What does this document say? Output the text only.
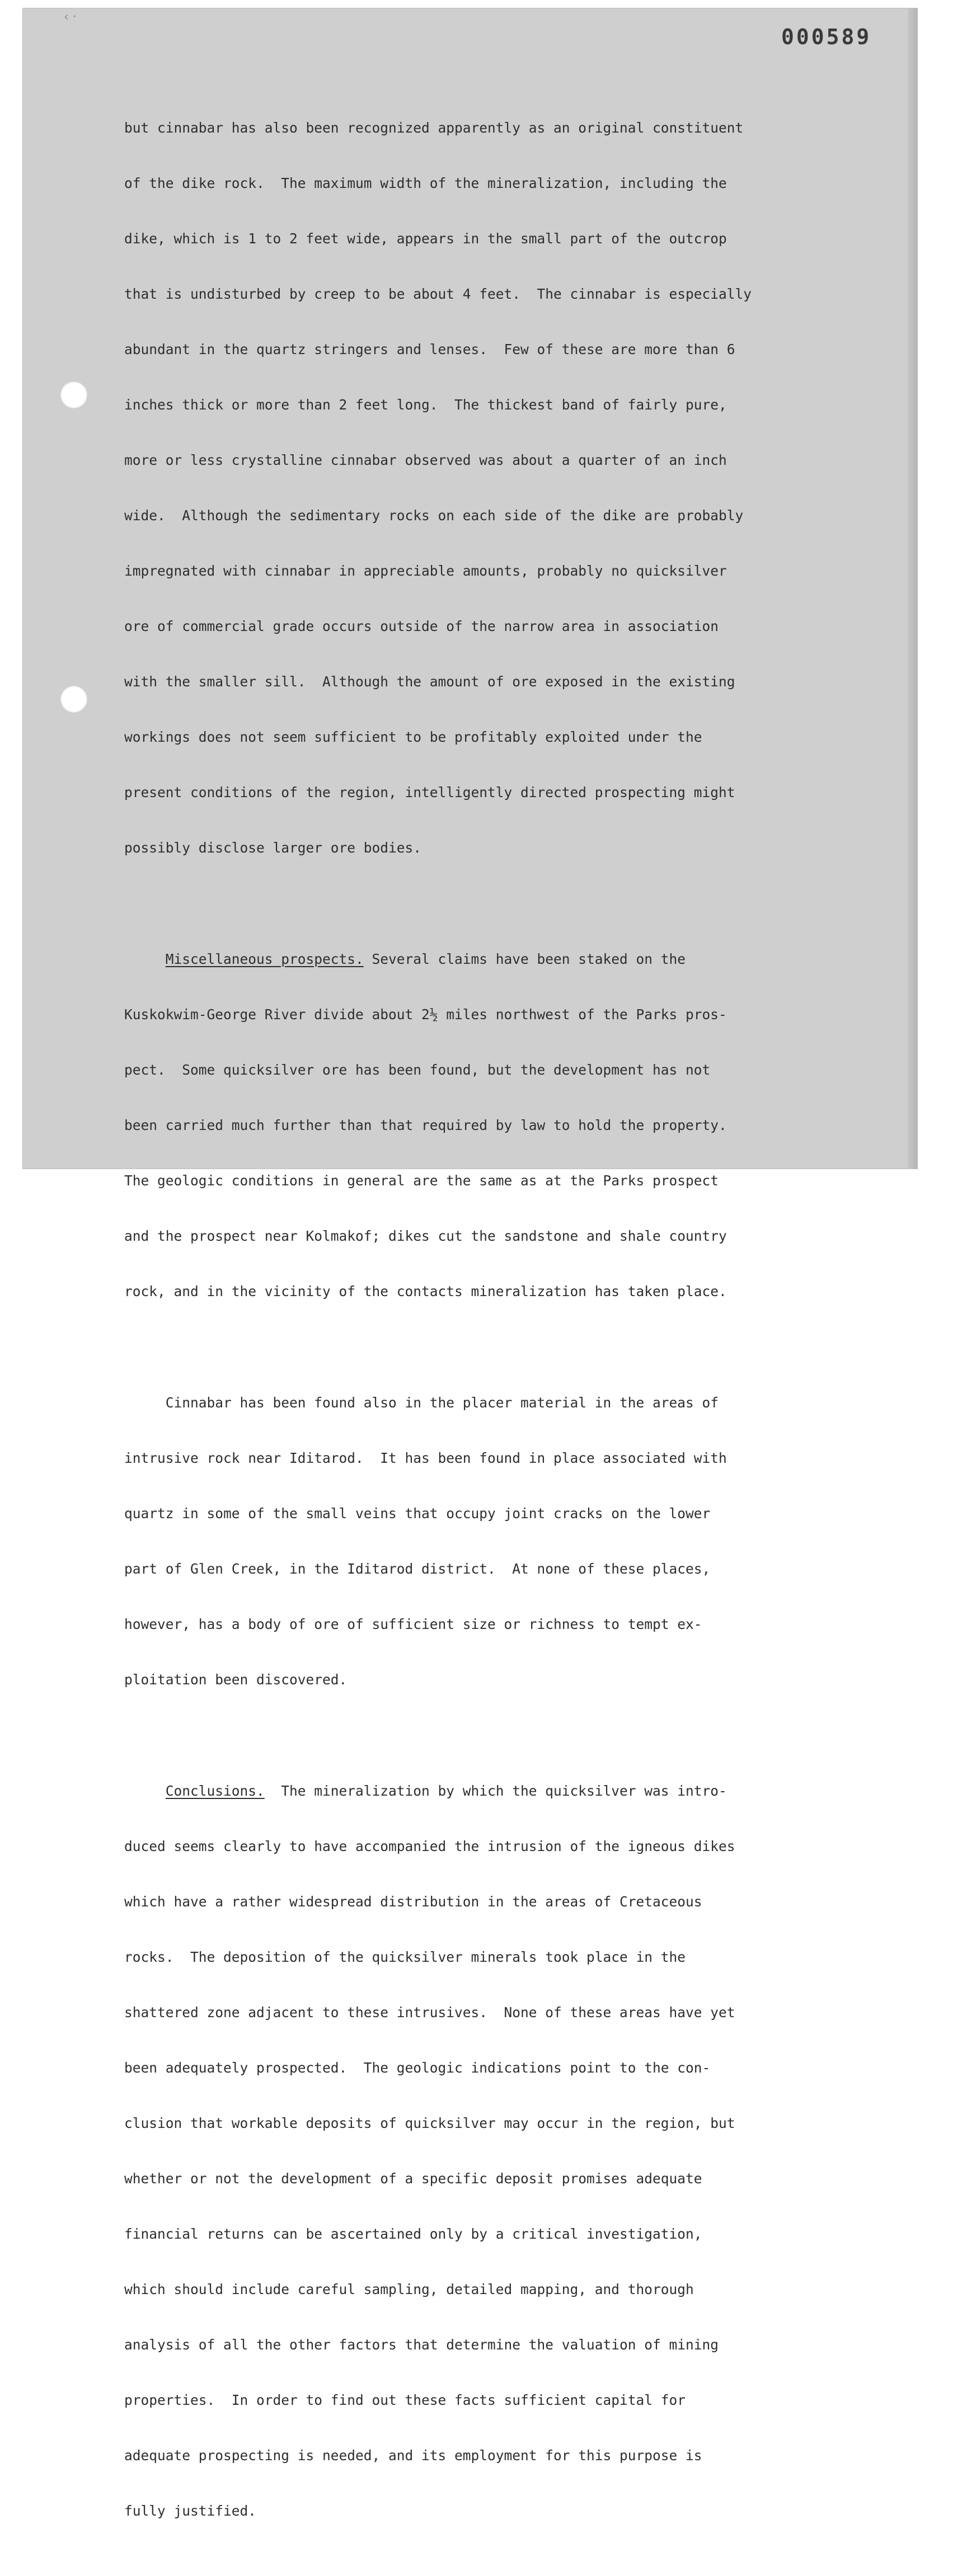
‹ ·

000589

but cinnabar has also been recognized apparently as an original constituent

of the dike rock.  The maximum width of the mineralization, including the

dike, which is 1 to 2 feet wide, appears in the small part of the outcrop

that is undisturbed by creep to be about 4 feet.  The cinnabar is especially

abundant in the quartz stringers and lenses.  Few of these are more than 6

inches thick or more than 2 feet long.  The thickest band of fairly pure,

more or less crystalline cinnabar observed was about a quarter of an inch

wide.  Although the sedimentary rocks on each side of the dike are probably

impregnated with cinnabar in appreciable amounts, probably no quicksilver

ore of commercial grade occurs outside of the narrow area in association

with the smaller sill.  Although the amount of ore exposed in the existing

workings does not seem sufficient to be profitably exploited under the

present conditions of the region, intelligently directed prospecting might

possibly disclose larger ore bodies.

Miscellaneous prospects. Several claims have been staked on the

Kuskokwim-George River divide about 2½ miles northwest of the Parks pros-

pect.  Some quicksilver ore has been found, but the development has not

been carried much further than that required by law to hold the property.

The geologic conditions in general are the same as at the Parks prospect

and the prospect near Kolmakof; dikes cut the sandstone and shale country

rock, and in the vicinity of the contacts mineralization has taken place.

Cinnabar has been found also in the placer material in the areas of

intrusive rock near Iditarod.  It has been found in place associated with

quartz in some of the small veins that occupy joint cracks on the lower

part of Glen Creek, in the Iditarod district.  At none of these places,

however, has a body of ore of sufficient size or richness to tempt ex-

ploitation been discovered.

Conclusions.  The mineralization by which the quicksilver was intro-

duced seems clearly to have accompanied the intrusion of the igneous dikes

which have a rather widespread distribution in the areas of Cretaceous

rocks.  The deposition of the quicksilver minerals took place in the

shattered zone adjacent to these intrusives.  None of these areas have yet

been adequately prospected.  The geologic indications point to the con-

clusion that workable deposits of quicksilver may occur in the region, but

whether or not the development of a specific deposit promises adequate

financial returns can be ascertained only by a critical investigation,

which should include careful sampling, detailed mapping, and thorough

analysis of all the other factors that determine the valuation of mining

properties.  In order to find out these facts sufficient capital for

adequate prospecting is needed, and its employment for this purpose is

fully justified.
